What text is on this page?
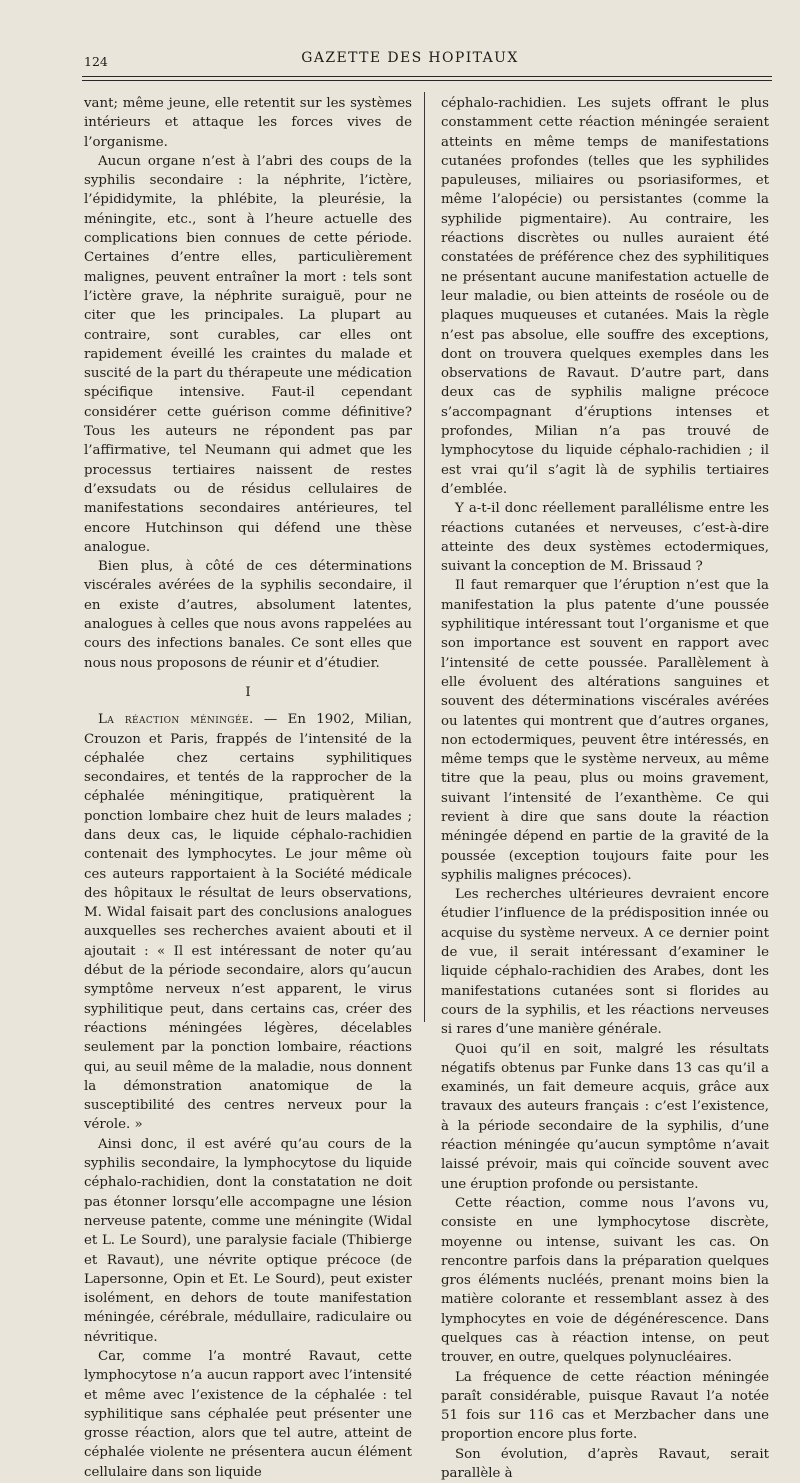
124	GAZETTE DES HOPITAUX

vant; même jeune, elle retentit sur les systèmes intérieurs et attaque les forces vives de l’organisme.

Aucun organe n’est à l’abri des coups de la syphilis secondaire : la néphrite, l’ictère, l’épididymite, la phlébite, la pleurésie, la méningite, etc., sont à l’heure actuelle des complications bien connues de cette période. Certaines d’entre elles, particulièrement malignes, peuvent entraîner la mort : tels sont l’ictère grave, la néphrite suraiguë, pour ne citer que les principales. La plupart au contraire, sont curables, car elles ont rapidement éveillé les craintes du malade et suscité de la part du thérapeute une médication spécifique intensive. Faut-il cependant considérer cette guérison comme définitive? Tous les auteurs ne répondent pas par l’affirmative, tel Neumann qui admet que les processus tertiaires naissent de restes d’exsudats ou de résidus cellulaires de manifestations secondaires antérieures, tel encore Hutchinson qui défend une thèse analogue.

Bien plus, à côté de ces déterminations viscérales avérées de la syphilis secondaire, il en existe d’autres, absolument latentes, analogues à celles que nous avons rappelées au cours des infections banales. Ce sont elles que nous nous proposons de réunir et d’étudier.

I

La réaction méningée. — En 1902, Milian, Crouzon et Paris, frappés de l’intensité de la céphalée chez certains syphilitiques secondaires, et tentés de la rapprocher de la céphalée méningitique, pratiquèrent la ponction lombaire chez huit de leurs malades ; dans deux cas, le liquide céphalo-rachidien contenait des lymphocytes. Le jour même où ces auteurs rapportaient à la Société médicale des hôpitaux le résultat de leurs observations, M. Widal faisait part des conclusions analogues auxquelles ses recherches avaient abouti et il ajoutait : « Il est intéressant de noter qu’au début de la période secondaire, alors qu’aucun symptôme nerveux n’est apparent, le virus syphilitique peut, dans certains cas, créer des réactions méningées légères, décelables seulement par la ponction lombaire, réactions qui, au seuil même de la maladie, nous donnent la démonstration anatomique de la susceptibilité des centres nerveux pour la vérole. »

Ainsi donc, il est avéré qu’au cours de la syphilis secondaire, la lymphocytose du liquide céphalo-rachidien, dont la constatation ne doit pas étonner lorsqu’elle accompagne une lésion nerveuse patente, comme une méningite (Widal et L. Le Sourd), une paralysie faciale (Thibierge et Ravaut), une névrite optique précoce (de Lapersonne, Opin et Et. Le Sourd), peut exister isolément, en dehors de toute manifestation méningée, cérébrale, médullaire, radiculaire ou névritique.

Car, comme l’a montré Ravaut, cette lymphocytose n’a aucun rapport avec l’intensité et même avec l’existence de la céphalée : tel syphilitique sans céphalée peut présenter une grosse réaction, alors que tel autre, atteint de céphalée violente ne présentera aucun élément cellulaire dans son liquide

céphalo-rachidien. Les sujets offrant le plus constamment cette réaction méningée seraient atteints en même temps de manifestations cutanées profondes (telles que les syphilides papuleuses, miliaires ou psoriasiformes, et même l’alopécie) ou persistantes (comme la syphilide pigmentaire). Au contraire, les réactions discrètes ou nulles auraient été constatées de préférence chez des syphilitiques ne présentant aucune manifestation actuelle de leur maladie, ou bien atteints de roséole ou de plaques muqueuses et cutanées. Mais la règle n’est pas absolue, elle souffre des exceptions, dont on trouvera quelques exemples dans les observations de Ravaut. D’autre part, dans deux cas de syphilis maligne précoce s’accompagnant d’éruptions intenses et profondes, Milian n’a pas trouvé de lymphocytose du liquide céphalo-rachidien ; il est vrai qu’il s’agit là de syphilis tertiaires d’emblée.

Y a-t-il donc réellement parallélisme entre les réactions cutanées et nerveuses, c’est-à-dire atteinte des deux systèmes ectodermiques, suivant la conception de M. Brissaud ?

Il faut remarquer que l’éruption n’est que la manifestation la plus patente d’une poussée syphilitique intéressant tout l’organisme et que son importance est souvent en rapport avec l’intensité de cette poussée. Parallèlement à elle évoluent des altérations sanguines et souvent des déterminations viscérales avérées ou latentes qui montrent que d’autres organes, non ectodermiques, peuvent être intéressés, en même temps que le système nerveux, au même titre que la peau, plus ou moins gravement, suivant l’intensité de l’exanthème. Ce qui revient à dire que sans doute la réaction méningée dépend en partie de la gravité de la poussée (exception toujours faite pour les syphilis malignes précoces).

Les recherches ultérieures devraient encore étudier l’influence de la prédisposition innée ou acquise du système nerveux. A ce dernier point de vue, il serait intéressant d’examiner le liquide céphalo-rachidien des Arabes, dont les manifestations cutanées sont si florides au cours de la syphilis, et les réactions nerveuses si rares d’une manière générale.

Quoi qu’il en soit, malgré les résultats négatifs obtenus par Funke dans 13 cas qu’il a examinés, un fait demeure acquis, grâce aux travaux des auteurs français : c’est l’existence, à la période secondaire de la syphilis, d’une réaction méningée qu’aucun symptôme n’avait laissé prévoir, mais qui coïncide souvent avec une éruption profonde ou persistante.

Cette réaction, comme nous l’avons vu, consiste en une lymphocytose discrète, moyenne ou intense, suivant les cas. On rencontre parfois dans la préparation quelques gros éléments nucléés, prenant moins bien la matière colorante et ressemblant assez à des lymphocytes en voie de dégénérescence. Dans quelques cas à réaction intense, on peut trouver, en outre, quelques polynucléaires.

La fréquence de cette réaction méningée paraît considérable, puisque Ravaut l’a notée 51 fois sur 116 cas et Merzbacher dans une proportion encore plus forte.

Son évolution, d’après Ravaut, serait parallèle à
